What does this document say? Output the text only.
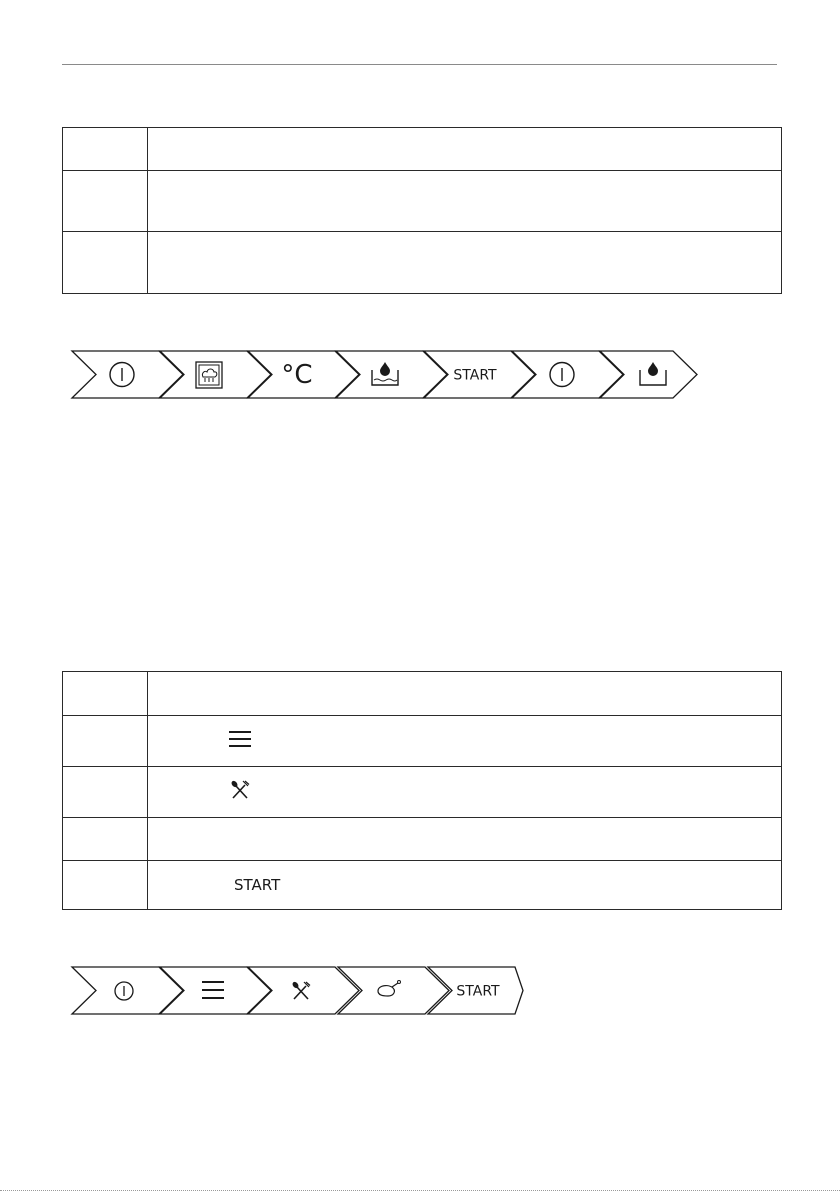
°C	START

	START
START
